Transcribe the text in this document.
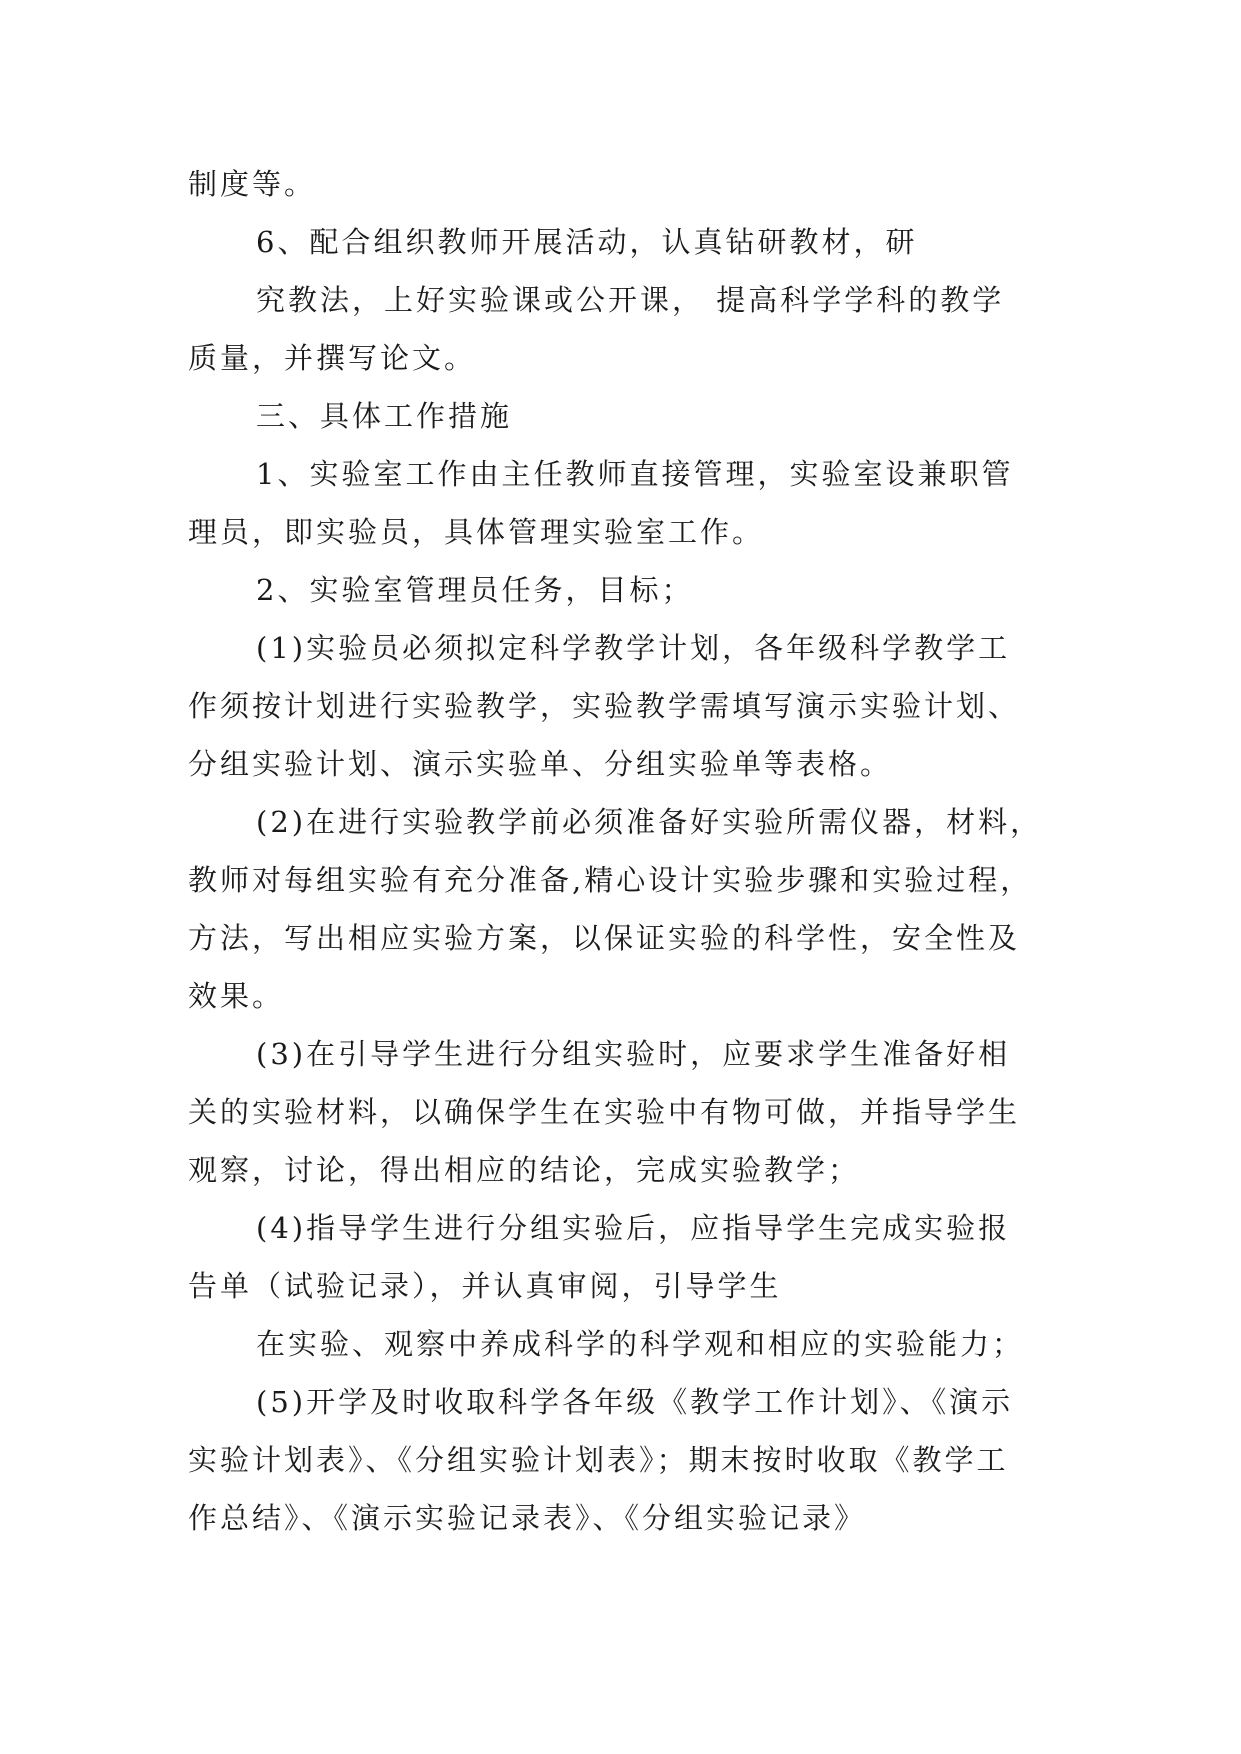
制度等。
6、配合组织教师开展活动，认真钻研教材，研
究教法，上好实验课或公开课， 提高科学学科的教学
质量，并撰写论文。
三、具体工作措施
1、实验室工作由主任教师直接管理，实验室设兼职管
理员，即实验员，具体管理实验室工作。
2、实验室管理员任务，目标；
(1)实验员必须拟定科学教学计划，各年级科学教学工
作须按计划进行实验教学，实验教学需填写演示实验计划、
分组实验计划、演示实验单、分组实验单等表格。
(2)在进行实验教学前必须准备好实验所需仪器，材料，
教师对每组实验有充分准备,精心设计实验步骤和实验过程，
方法，写出相应实验方案，以保证实验的科学性，安全性及
效果。
(3)在引导学生进行分组实验时，应要求学生准备好相
关的实验材料，以确保学生在实验中有物可做，并指导学生
观察，讨论，得出相应的结论，完成实验教学；
(4)指导学生进行分组实验后，应指导学生完成实验报
告单（试验记录），并认真审阅，引导学生
在实验、观察中养成科学的科学观和相应的实验能力；
(5)开学及时收取科学各年级《教学工作计划》、《演示
实验计划表》、《分组实验计划表》；期末按时收取《教学工
作总结》、《演示实验记录表》、《分组实验记录》
